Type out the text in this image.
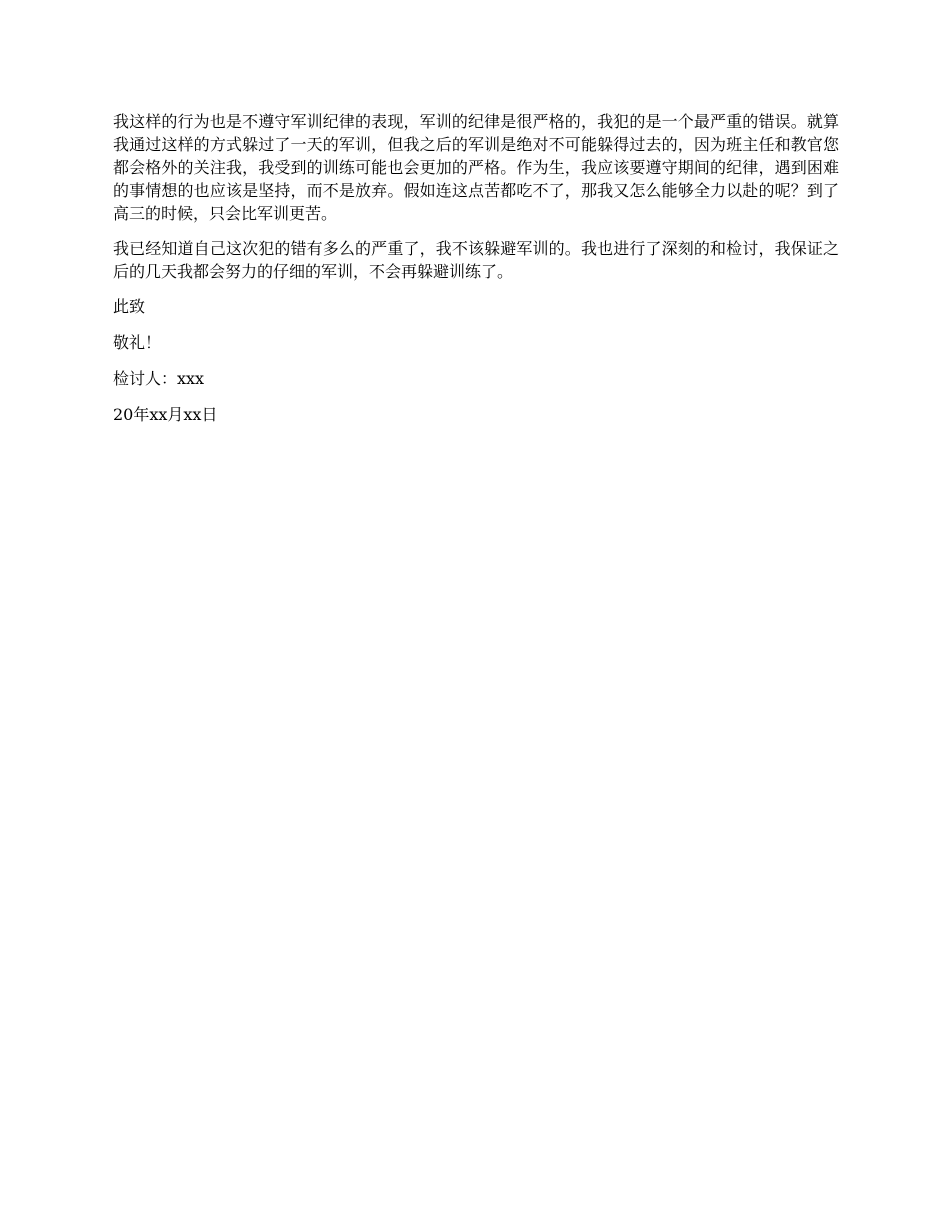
我这样的行为也是不遵守军训纪律的表现，军训的纪律是很严格的，我犯的是一个最严重的错误。就算我通过这样的方式躲过了一天的军训，但我之后的军训是绝对不可能躲得过去的，因为班主任和教官您都会格外的关注我，我受到的训练可能也会更加的严格。作为生，我应该要遵守期间的纪律，遇到困难的事情想的也应该是坚持，而不是放弃。假如连这点苦都吃不了，那我又怎么能够全力以赴的呢？到了高三的时候，只会比军训更苦。

我已经知道自己这次犯的错有多么的严重了，我不该躲避军训的。我也进行了深刻的和检讨，我保证之后的几天我都会努力的仔细的军训，不会再躲避训练了。

此致

敬礼！

检讨人：xxx

20年xx月xx日
